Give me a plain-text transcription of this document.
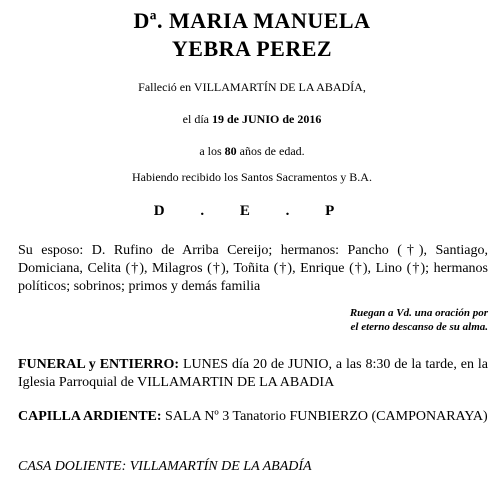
Dª. MARIA MANUELA
YEBRA PEREZ
Falleció en VILLAMARTÍN DE LA ABADÍA,
el día 19 de JUNIO de 2016
a los 80 años de edad.
Habiendo recibido los Santos Sacramentos y B.A.
D . E . P
Su esposo: D. Rufino de Arriba Cereijo; hermanos: Pancho (†), Santiago, Domiciana, Celita (†), Milagros (†), Toñita (†), Enrique (†), Lino (†); hermanos políticos; sobrinos; primos y demás familia
Ruegan a Vd. una oración por
el eterno descanso de su alma.
FUNERAL y ENTIERRO: LUNES día 20 de JUNIO, a las 8:30 de la tarde, en la Iglesia Parroquial de VILLAMARTIN DE LA ABADIA
CAPILLA ARDIENTE: SALA Nº 3 Tanatorio FUNBIERZO (CAMPONARAYA)
CASA DOLIENTE: VILLAMARTÍN DE LA ABADÍA
